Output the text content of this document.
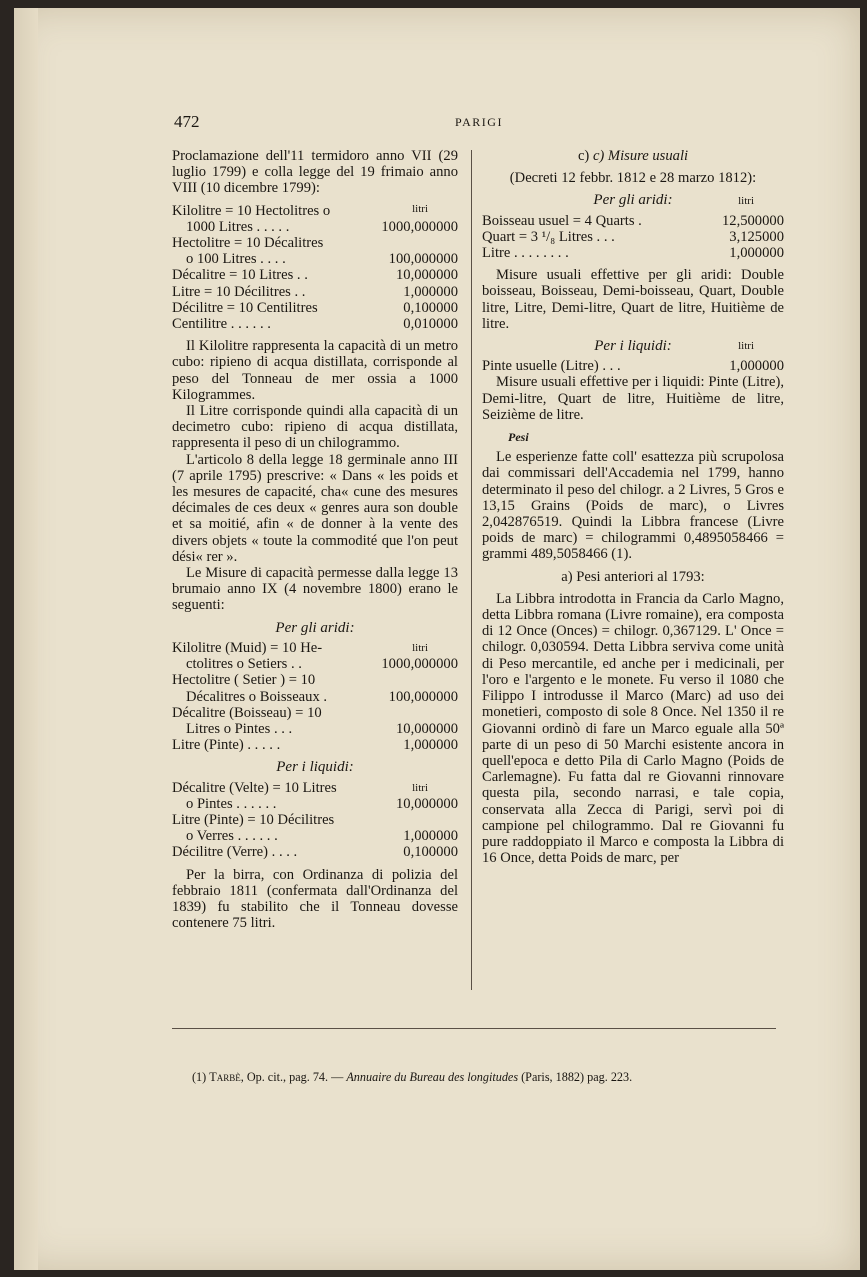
472	PARIGI

Proclamazione dell'11 termidoro anno VII (29 luglio 1799) e colla legge del 19 frimaio anno VIII (10 dicembre 1799):

litri
Kilolitre = 10 Hectolitres o
1000 Litres . . . . .	1000,000000
Hectolitre = 10 Décalitres
o 100 Litres . . . .	100,000000
Décalitre = 10 Litres . .	10,000000
Litre = 10 Décilitres . .	1,000000
Décilitre = 10 Centilitres	0,100000
Centilitre . . . . . .	0,010000

Il Kilolitre rappresenta la capacità di un metro cubo: ripieno di acqua distillata, corrisponde al peso del Tonneau de mer ossia a 1000 Kilogrammes.

Il Litre corrisponde quindi alla capacità di un decimetro cubo: ripieno di acqua distillata, rappresenta il peso di un chilogrammo.

L'articolo 8 della legge 18 germinale anno III (7 aprile 1795) prescrive: « Dans « les poids et les mesures de capacité, cha« cune des mesures décimales de ces deux « genres aura son double et sa moitié, afin « de donner à la vente des divers objets « toute la commodité que l'on peut dési« rer ».

Le Misure di capacità permesse dalla legge 13 brumaio anno IX (4 novembre 1800) erano le seguenti:

Per gli aridi:
litri
Kilolitre (Muid) = 10 He-
ctolitres o Setiers . .	1000,000000
Hectolitre ( Setier ) = 10
Décalitres o Boisseaux .	100,000000
Décalitre (Boisseau) = 10
Litres o Pintes . . .	10,000000
Litre (Pinte) . . . . .	1,000000
Per i liquidi:
litri
Décalitre (Velte) = 10 Litres
o Pintes . . . . . .	10,000000
Litre (Pinte) = 10 Décilitres
o Verres . . . . . .	1,000000
Décilitre (Verre) . . . .	0,100000

Per la birra, con Ordinanza di polizia del febbraio 1811 (confermata dall'Ordinanza del 1839) fu stabilito che il Tonneau dovesse contenere 75 litri.

c) c) Misure usuali
(Decreti 12 febbr. 1812 e 28 marzo 1812):
Per gli aridi:	litri
Boisseau usuel = 4 Quarts .	12,500000
Quart = 3 ¹/₈ Litres . . .	3,125000
Litre . . . . . . . .	1,000000

Misure usuali effettive per gli aridi: Double boisseau, Boisseau, Demi-boisseau, Quart, Double litre, Litre, Demi-litre, Quart de litre, Huitième de litre.

Per i liquidi:	litri
Pinte usuelle (Litre) . . .	1,000000

Misure usuali effettive per i liquidi: Pinte (Litre), Demi-litre, Quart de litre, Huitième de litre, Seizième de litre.

Pesi

Le esperienze fatte coll' esattezza più scrupolosa dai commissari dell'Accademia nel 1799, hanno determinato il peso del chilogr. a 2 Livres, 5 Gros e 13,15 Grains (Poids de marc), o Livres 2,042876519. Quindi la Libbra francese (Livre poids de marc) = chilogrammi 0,4895058466 = grammi 489,5058466 (1).

a) Pesi anteriori al 1793:

La Libbra introdotta in Francia da Carlo Magno, detta Libbra romana (Livre romaine), era composta di 12 Once (Onces) = chilogr. 0,367129. L' Once = chilogr. 0,030594. Detta Libbra serviva come unità di Peso mercantile, ed anche per i medicinali, per l'oro e l'argento e le monete. Fu verso il 1080 che Filippo I introdusse il Marco (Marc) ad uso dei monetieri, composto di sole 8 Once. Nel 1350 il re Giovanni ordinò di fare un Marco eguale alla 50ª parte di un peso di 50 Marchi esistente ancora in quell'epoca e detto Pila di Carlo Magno (Poids de Carlemagne). Fu fatta dal re Giovanni rinnovare questa pila, secondo narrasi, e tale copia, conservata alla Zecca di Parigi, servì poi di campione pel chilogrammo. Dal re Giovanni fu pure raddoppiato il Marco e composta la Libbra di 16 Once, detta Poids de marc, per

(1) Tarbè, Op. cit., pag. 74. — Annuaire du Bureau des longitudes (Paris, 1882) pag. 223.
